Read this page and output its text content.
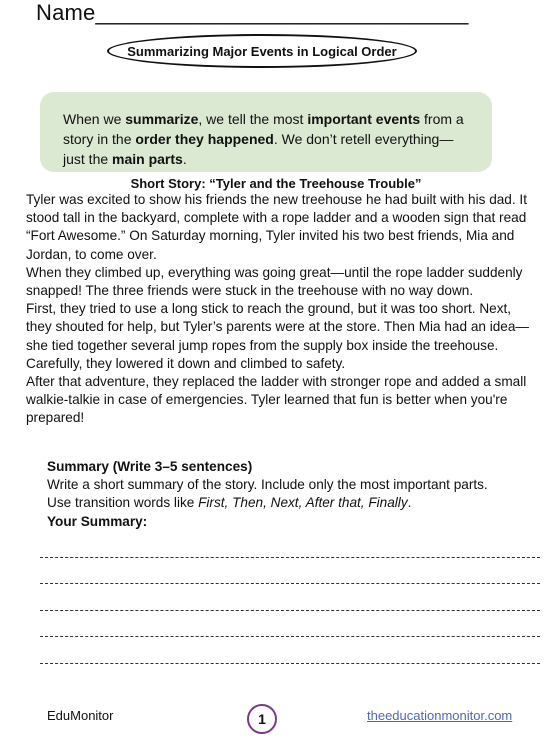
Name______________________________
Summarizing Major Events in Logical Order
When we summarize, we tell the most important events from a story in the order they happened. We don’t retell everything—just the main parts.
Short Story: “Tyler and the Treehouse Trouble”

Tyler was excited to show his friends the new treehouse he had built with his dad. It stood tall in the backyard, complete with a rope ladder and a wooden sign that read “Fort Awesome.” On Saturday morning, Tyler invited his two best friends, Mia and Jordan, to come over.

When they climbed up, everything was going great—until the rope ladder suddenly snapped! The three friends were stuck in the treehouse with no way down.

First, they tried to use a long stick to reach the ground, but it was too short. Next, they shouted for help, but Tyler’s parents were at the store. Then Mia had an idea—she tied together several jump ropes from the supply box inside the treehouse. Carefully, they lowered it down and climbed to safety.

After that adventure, they replaced the ladder with stronger rope and added a small walkie-talkie in case of emergencies. Tyler learned that fun is better when you're prepared!

Summary (Write 3–5 sentences)
Write a short summary of the story. Include only the most important parts.
Use transition words like First, Then, Next, After that, Finally.
Your Summary:
EduMonitor	1	theeducationmonitor.com
